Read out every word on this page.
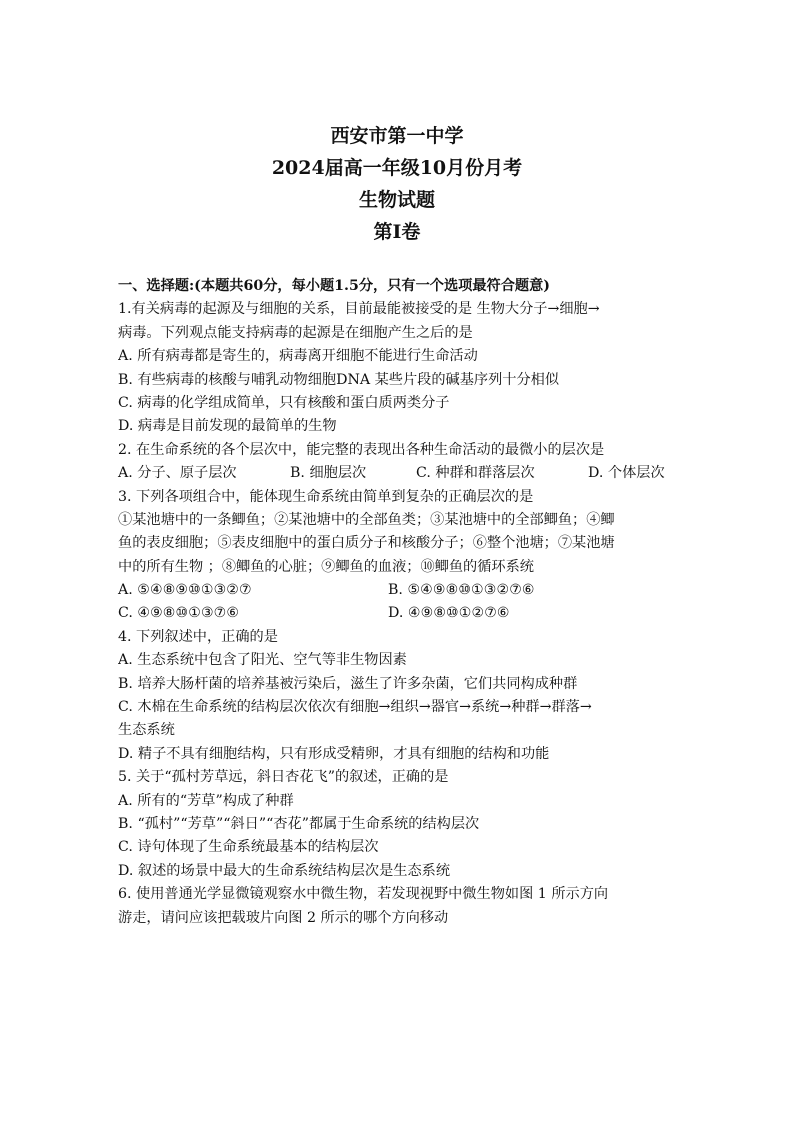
西安市第一中学
2024届高一年级10月份月考
生物试题
第Ⅰ卷
一、选择题:(本题共60分，每小题1.5分，只有一个选项最符合题意)
1.有关病毒的起源及与细胞的关系，目前最能被接受的是 生物大分子→细胞→
病毒。下列观点能支持病毒的起源是在细胞产生之后的是
A. 所有病毒都是寄生的，病毒离开细胞不能进行生命活动
B. 有些病毒的核酸与哺乳动物细胞DNA 某些片段的碱基序列十分相似
C. 病毒的化学组成简单，只有核酸和蛋白质两类分子
D. 病毒是目前发现的最简单的生物
2. 在生命系统的各个层次中，能完整的表现出各种生命活动的最微小的层次是
A. 分子、原子层次	B. 细胞层次	C. 种群和群落层次	D. 个体层次
3. 下列各项组合中，能体现生命系统由简单到复杂的正确层次的是
①某池塘中的一条鲫鱼；②某池塘中的全部鱼类；③某池塘中的全部鲫鱼；④鲫
鱼的表皮细胞；⑤表皮细胞中的蛋白质分子和核酸分子；⑥整个池塘；⑦某池塘
中的所有生物 ；⑧鲫鱼的心脏；⑨鲫鱼的血液；⑩鲫鱼的循环系统
A. ⑤④⑧⑨⑩①③②⑦	B. ⑤④⑨⑧⑩①③②⑦⑥
C. ④⑨⑧⑩①③⑦⑥	D. ④⑨⑧⑩①②⑦⑥
4. 下列叙述中，正确的是
A. 生态系统中包含了阳光、空气等非生物因素
B. 培养大肠杆菌的培养基被污染后，滋生了许多杂菌，它们共同构成种群
C. 木棉在生命系统的结构层次依次有细胞→组织→器官→系统→种群→群落→
生态系统
D. 精子不具有细胞结构，只有形成受精卵，才具有细胞的结构和功能
5. 关于“孤村芳草远，斜日杏花飞”的叙述，正确的是
A. 所有的“芳草”构成了种群
B. “孤村”“芳草”“斜日”“杏花”都属于生命系统的结构层次
C. 诗句体现了生命系统最基本的结构层次
D. 叙述的场景中最大的生命系统结构层次是生态系统
6. 使用普通光学显微镜观察水中微生物，若发现视野中微生物如图 1 所示方向
游走，请问应该把载玻片向图 2 所示的哪个方向移动
